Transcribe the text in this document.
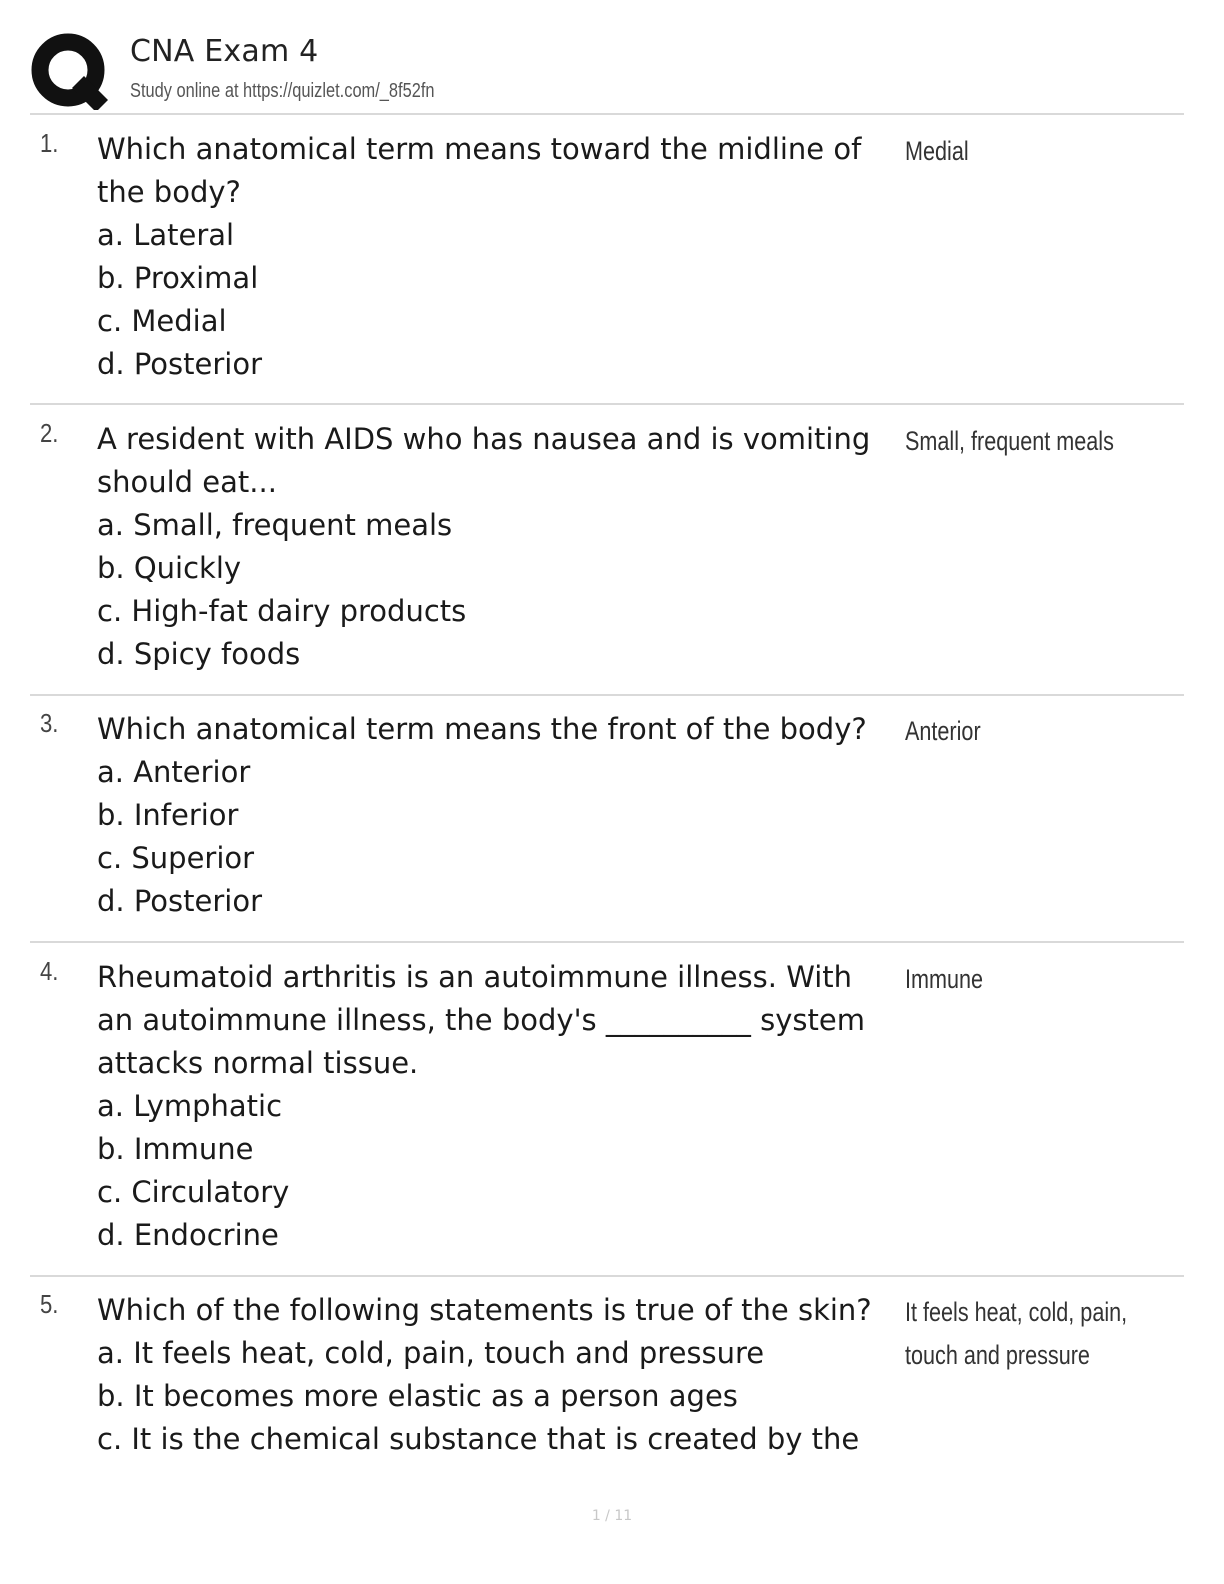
CNA Exam 4
Study online at https://quizlet.com/_8f52fn
1. Which anatomical term means toward the midline of
the body?
a. Lateral
b. Proximal
c. Medial
d. Posterior
Medial
2. A resident with AIDS who has nausea and is vomiting
should eat...
a. Small, frequent meals
b. Quickly
c. High-fat dairy products
d. Spicy foods
Small, frequent meals
3. Which anatomical term means the front of the body?
a. Anterior
b. Inferior
c. Superior
d. Posterior
Anterior
4. Rheumatoid arthritis is an autoimmune illness. With
an autoimmune illness, the body's __________ system
attacks normal tissue.
a. Lymphatic
b. Immune
c. Circulatory
d. Endocrine
Immune
5. Which of the following statements is true of the skin?
a. It feels heat, cold, pain, touch and pressure
b. It becomes more elastic as a person ages
c. It is the chemical substance that is created by the
It feels heat, cold, pain,
touch and pressure
1 / 11
